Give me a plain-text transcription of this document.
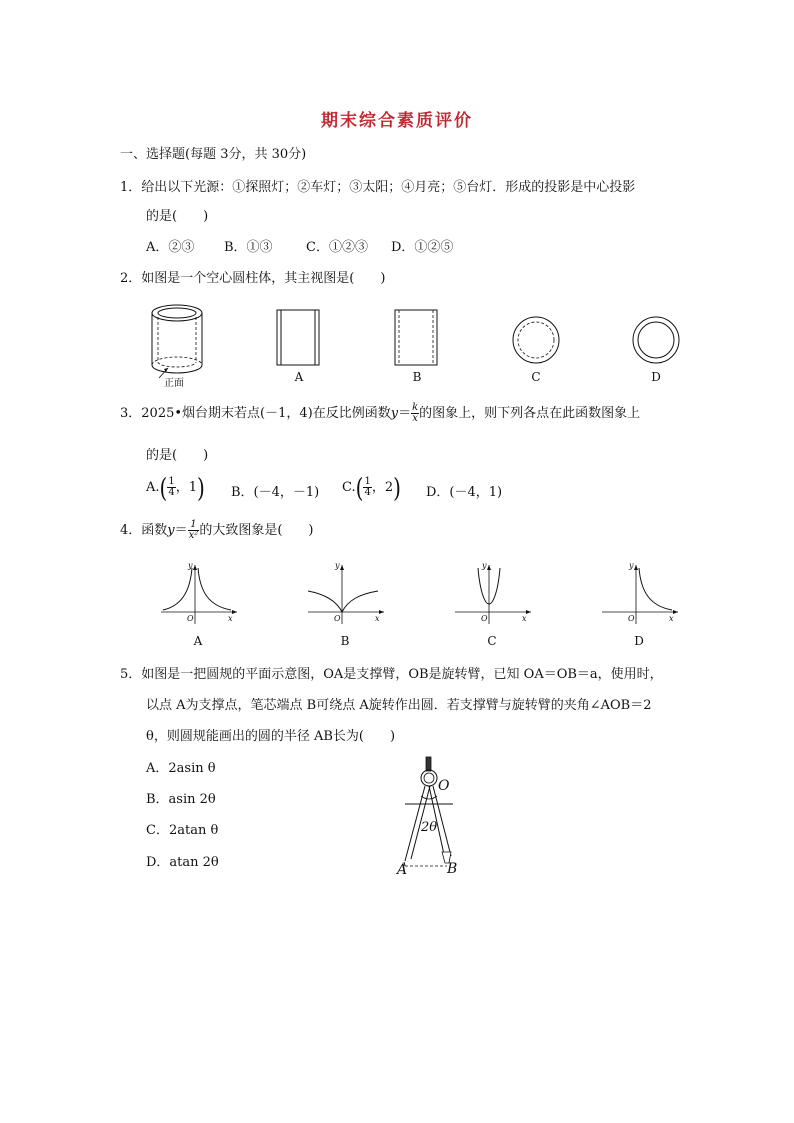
期末综合素质评价
一、选择题(每题 3分，共 30分)
1．给出以下光源：①探照灯；②车灯；③太阳；④月亮；⑤台灯．形成的投影是中心投影
的是(　　)
A．②③ B．①③	C．①②③ D．①②⑤
2．如图是一个空心圆柱体，其主视图是(　　)
正面	A	B	C	D
3．2025•烟台期末若点(－1，4)在反比例函数$y= \frac{k}{x}$ 的图象上，则下列各点在此函数图象上
的是(　　)
$A.( \frac{1}{4}$ ，1) B．(－4，－1) $C.( \frac{1}{4}$ ，2) D．(－4，1)
4．函数$y= \frac{1}{\text{x²}}$ 的大致图象是(　　)
y
x
O
A
y
x
O
B
y
x
O
C
y
x
O
D
5．如图是一把圆规的平面示意图，OA是支撑臂，OB是旋转臂，已知 OA＝OB＝a，使用时，
以点 A为支撑点，笔芯端点 B可绕点 A旋转作出圆．若支撑臂与旋转臂的夹角∠AOB＝2
θ，则圆规能画出的圆的半径 AB长为(　　)
A．2asin θ
B．asin 2θ
C．2atan θ
D．atan 2θ
O
2θ
A	B
